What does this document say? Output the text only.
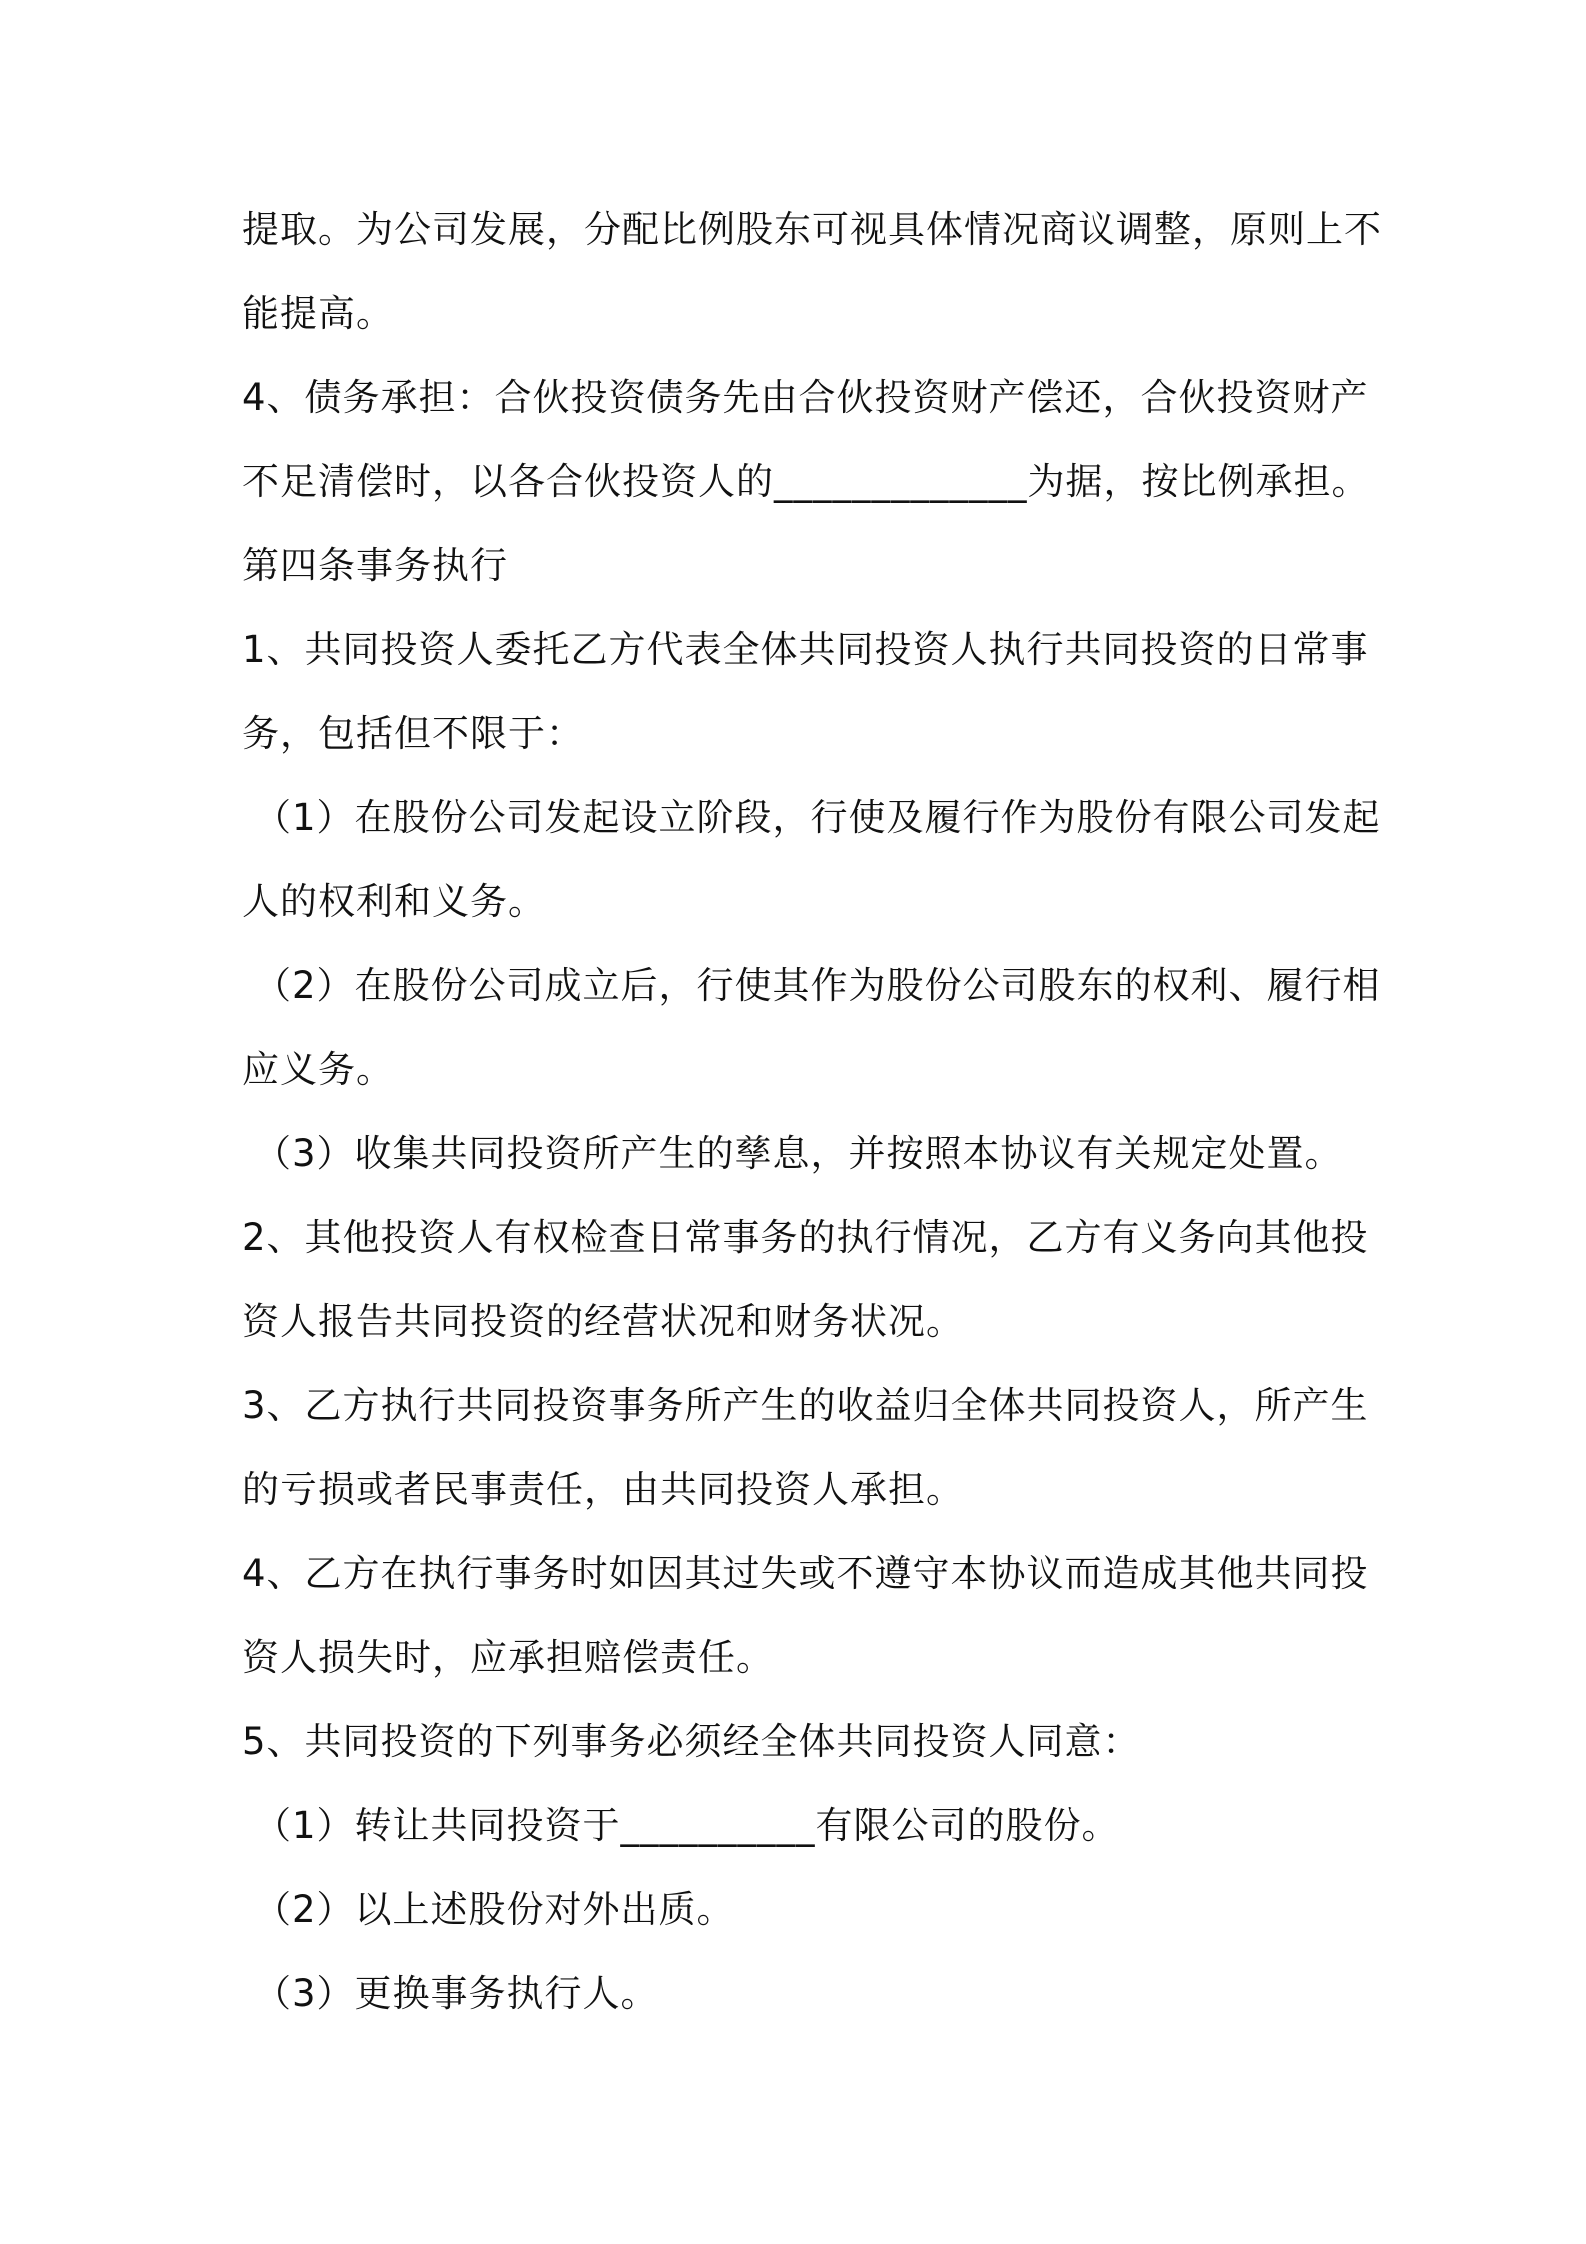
提取。为公司发展，分配比例股东可视具体情况商议调整，原则上不

能提高。

4、债务承担：合伙投资债务先由合伙投资财产偿还，合伙投资财产

不足清偿时，以各合伙投资人的_____________为据，按比例承担。

第四条事务执行

1、共同投资人委托乙方代表全体共同投资人执行共同投资的日常事

务，包括但不限于：

（1）在股份公司发起设立阶段，行使及履行作为股份有限公司发起

人的权利和义务。

（2）在股份公司成立后，行使其作为股份公司股东的权利、履行相

应义务。

（3）收集共同投资所产生的孳息，并按照本协议有关规定处置。

2、其他投资人有权检查日常事务的执行情况，乙方有义务向其他投

资人报告共同投资的经营状况和财务状况。

3、乙方执行共同投资事务所产生的收益归全体共同投资人，所产生

的亏损或者民事责任，由共同投资人承担。

4、乙方在执行事务时如因其过失或不遵守本协议而造成其他共同投

资人损失时，应承担赔偿责任。

5、共同投资的下列事务必须经全体共同投资人同意：

（1）转让共同投资于__________有限公司的股份。

（2）以上述股份对外出质。

（3）更换事务执行人。
